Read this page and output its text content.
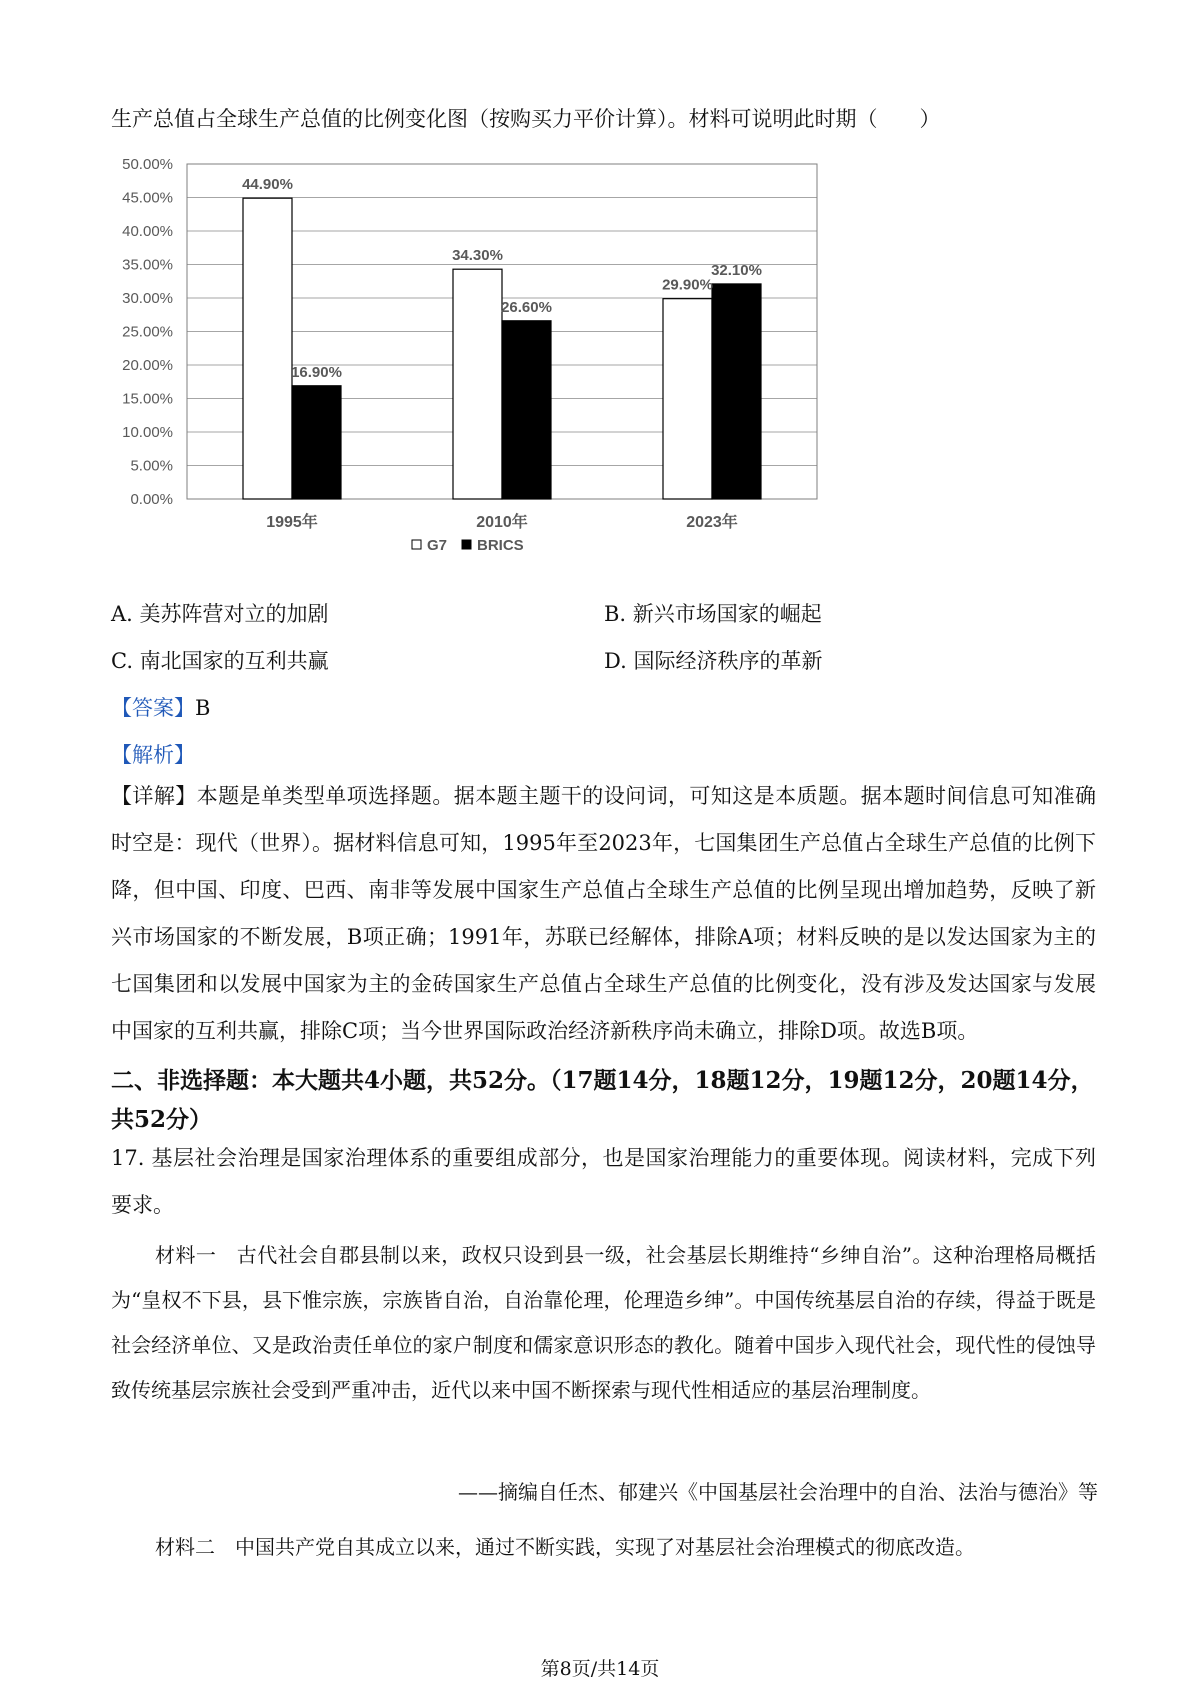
生产总值占全球生产总值的比例变化图（按购买力平价计算）。材料可说明此时期（　　）
0.00%
5.00%
10.00%
15.00%
20.00%
25.00%
30.00%
35.00%
40.00%
45.00%
50.00%
1995年
44.90%
16.90%
2010年
34.30%
26.60%
2023年
29.90%
32.10%
G7 BRICS
A. 美苏阵营对立的加剧	B. 新兴市场国家的崛起
C. 南北国家的互利共赢	D. 国际经济秩序的革新
【答案】B
【解析】

【详解】本题是单类型单项选择题。据本题主题干的设问词，可知这是本质题。据本题时间信息可知准确时空是：现代（世界）。据材料信息可知，1995年至2023年，七国集团生产总值占全球生产总值的比例下降，但中国、印度、巴西、南非等发展中国家生产总值占全球生产总值的比例呈现出增加趋势，反映了新兴市场国家的不断发展，B项正确；1991年，苏联已经解体，排除A项；材料反映的是以发达国家为主的七国集团和以发展中国家为主的金砖国家生产总值占全球生产总值的比例变化，没有涉及发达国家与发展中国家的互利共赢，排除C项；当今世界国际政治经济新秩序尚未确立，排除D项。故选B项。

二、非选择题：本大题共4小题，共52分。（17题14分，18题12分，19题12分，20题14分，共52分）

17. 基层社会治理是国家治理体系的重要组成部分，也是国家治理能力的重要体现。阅读材料，完成下列要求。

材料一　古代社会自郡县制以来，政权只设到县一级，社会基层长期维持“乡绅自治”。这种治理格局概括为“皇权不下县，县下惟宗族，宗族皆自治，自治靠伦理，伦理造乡绅”。中国传统基层自治的存续，得益于既是社会经济单位、又是政治责任单位的家户制度和儒家意识形态的教化。随着中国步入现代社会，现代性的侵蚀导致传统基层宗族社会受到严重冲击，近代以来中国不断探索与现代性相适应的基层治理制度。

——摘编自任杰、郁建兴《中国基层社会治理中的自治、法治与德治》等

材料二　中国共产党自其成立以来，通过不断实践，实现了对基层社会治理模式的彻底改造。

第8页/共14页
